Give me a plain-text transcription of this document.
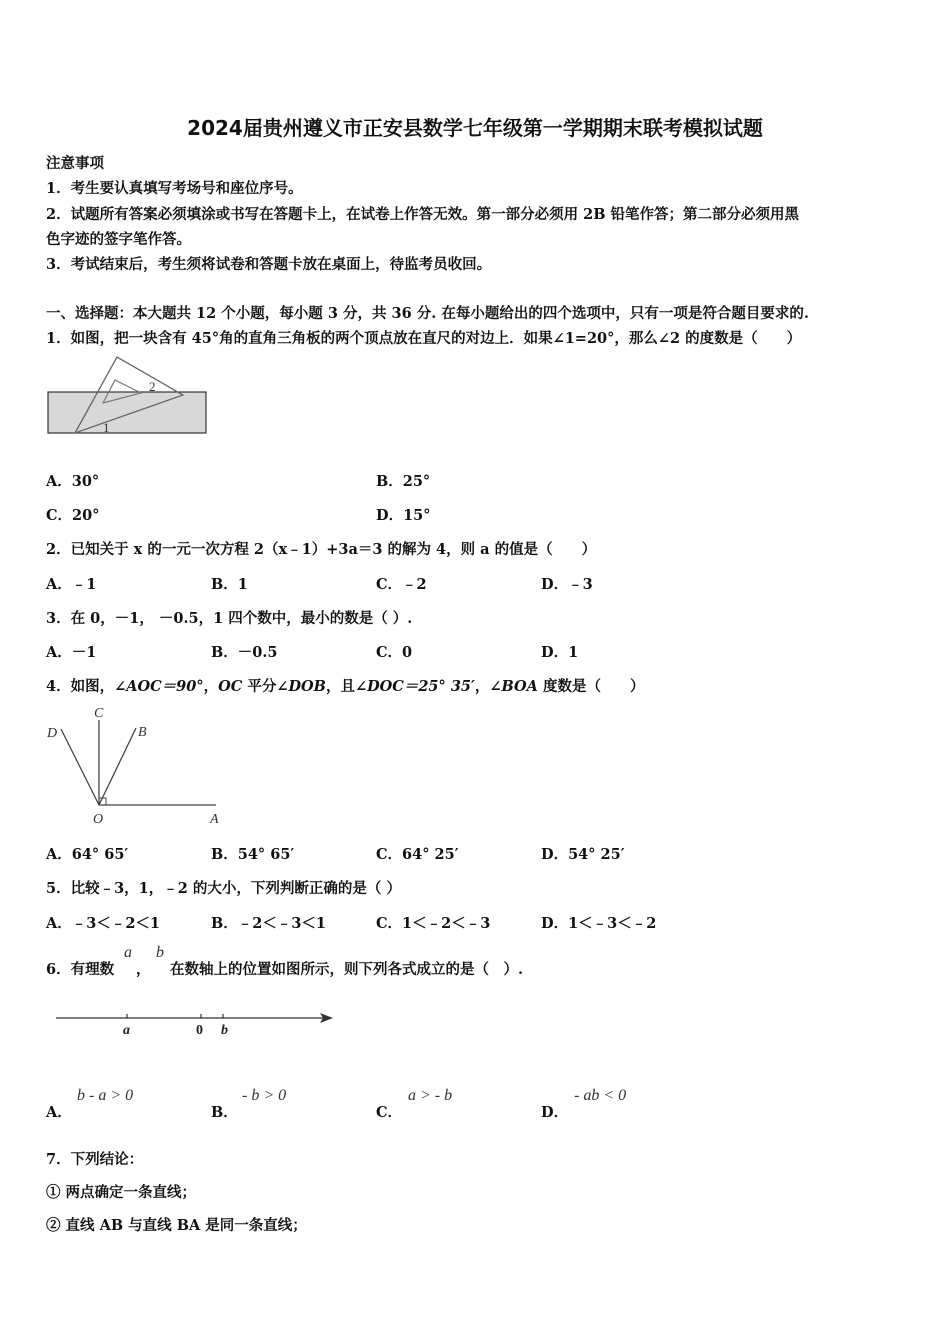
2024届贵州遵义市正安县数学七年级第一学期期末联考模拟试题
注意事项
1．考生要认真填写考场号和座位序号。
2．试题所有答案必须填涂或书写在答题卡上，在试卷上作答无效。第一部分必须用 2B 铅笔作答；第二部分必须用黑
色字迹的签字笔作答。
3．考试结束后，考生须将试卷和答题卡放在桌面上，待监考员收回。
一、选择题：本大题共 12 个小题，每小题 3 分，共 36 分. 在每小题给出的四个选项中，只有一项是符合题目要求的.
1．如图，把一块含有 45°角的直角三角板的两个顶点放在直尺的对边上．如果∠1=20°，那么∠2 的度数是（　　）
2
1
A．30°	B．25°
C．20°	D．15°
2．已知关于 x 的一元一次方程 2（x﹣1）+3a＝3 的解为 4，则 a 的值是（　　）
A．﹣1	B．1	C．﹣2	D．﹣3
3．在 0，－1， －0.5，1 四个数中，最小的数是（ ）.
A．－1	B．－0.5	C．0	D．1
4．如图，∠AOC＝90°，OC 平分∠DOB，且∠DOC＝25° 35′，∠BOA 度数是（　　）
D
C
B
O	A
A．64° 65′	B．54° 65′	C．64° 25′	D．54° 25′
5．比较﹣3，1，﹣2 的大小，下列判断正确的是（ ）
A．﹣3＜﹣2＜1	B．﹣2＜﹣3＜1	C．1＜﹣2＜﹣3	D．1＜﹣3＜﹣2
6．有理数
a
，
b
在数轴上的位置如图所示，则下列各式成立的是（　）.
a	0 b
A．
b - a > 0
B．
- b > 0
C．
a > - b
D．
- ab < 0
7．下列结论：
① 两点确定一条直线；
② 直线 AB 与直线 BA 是同一条直线；
